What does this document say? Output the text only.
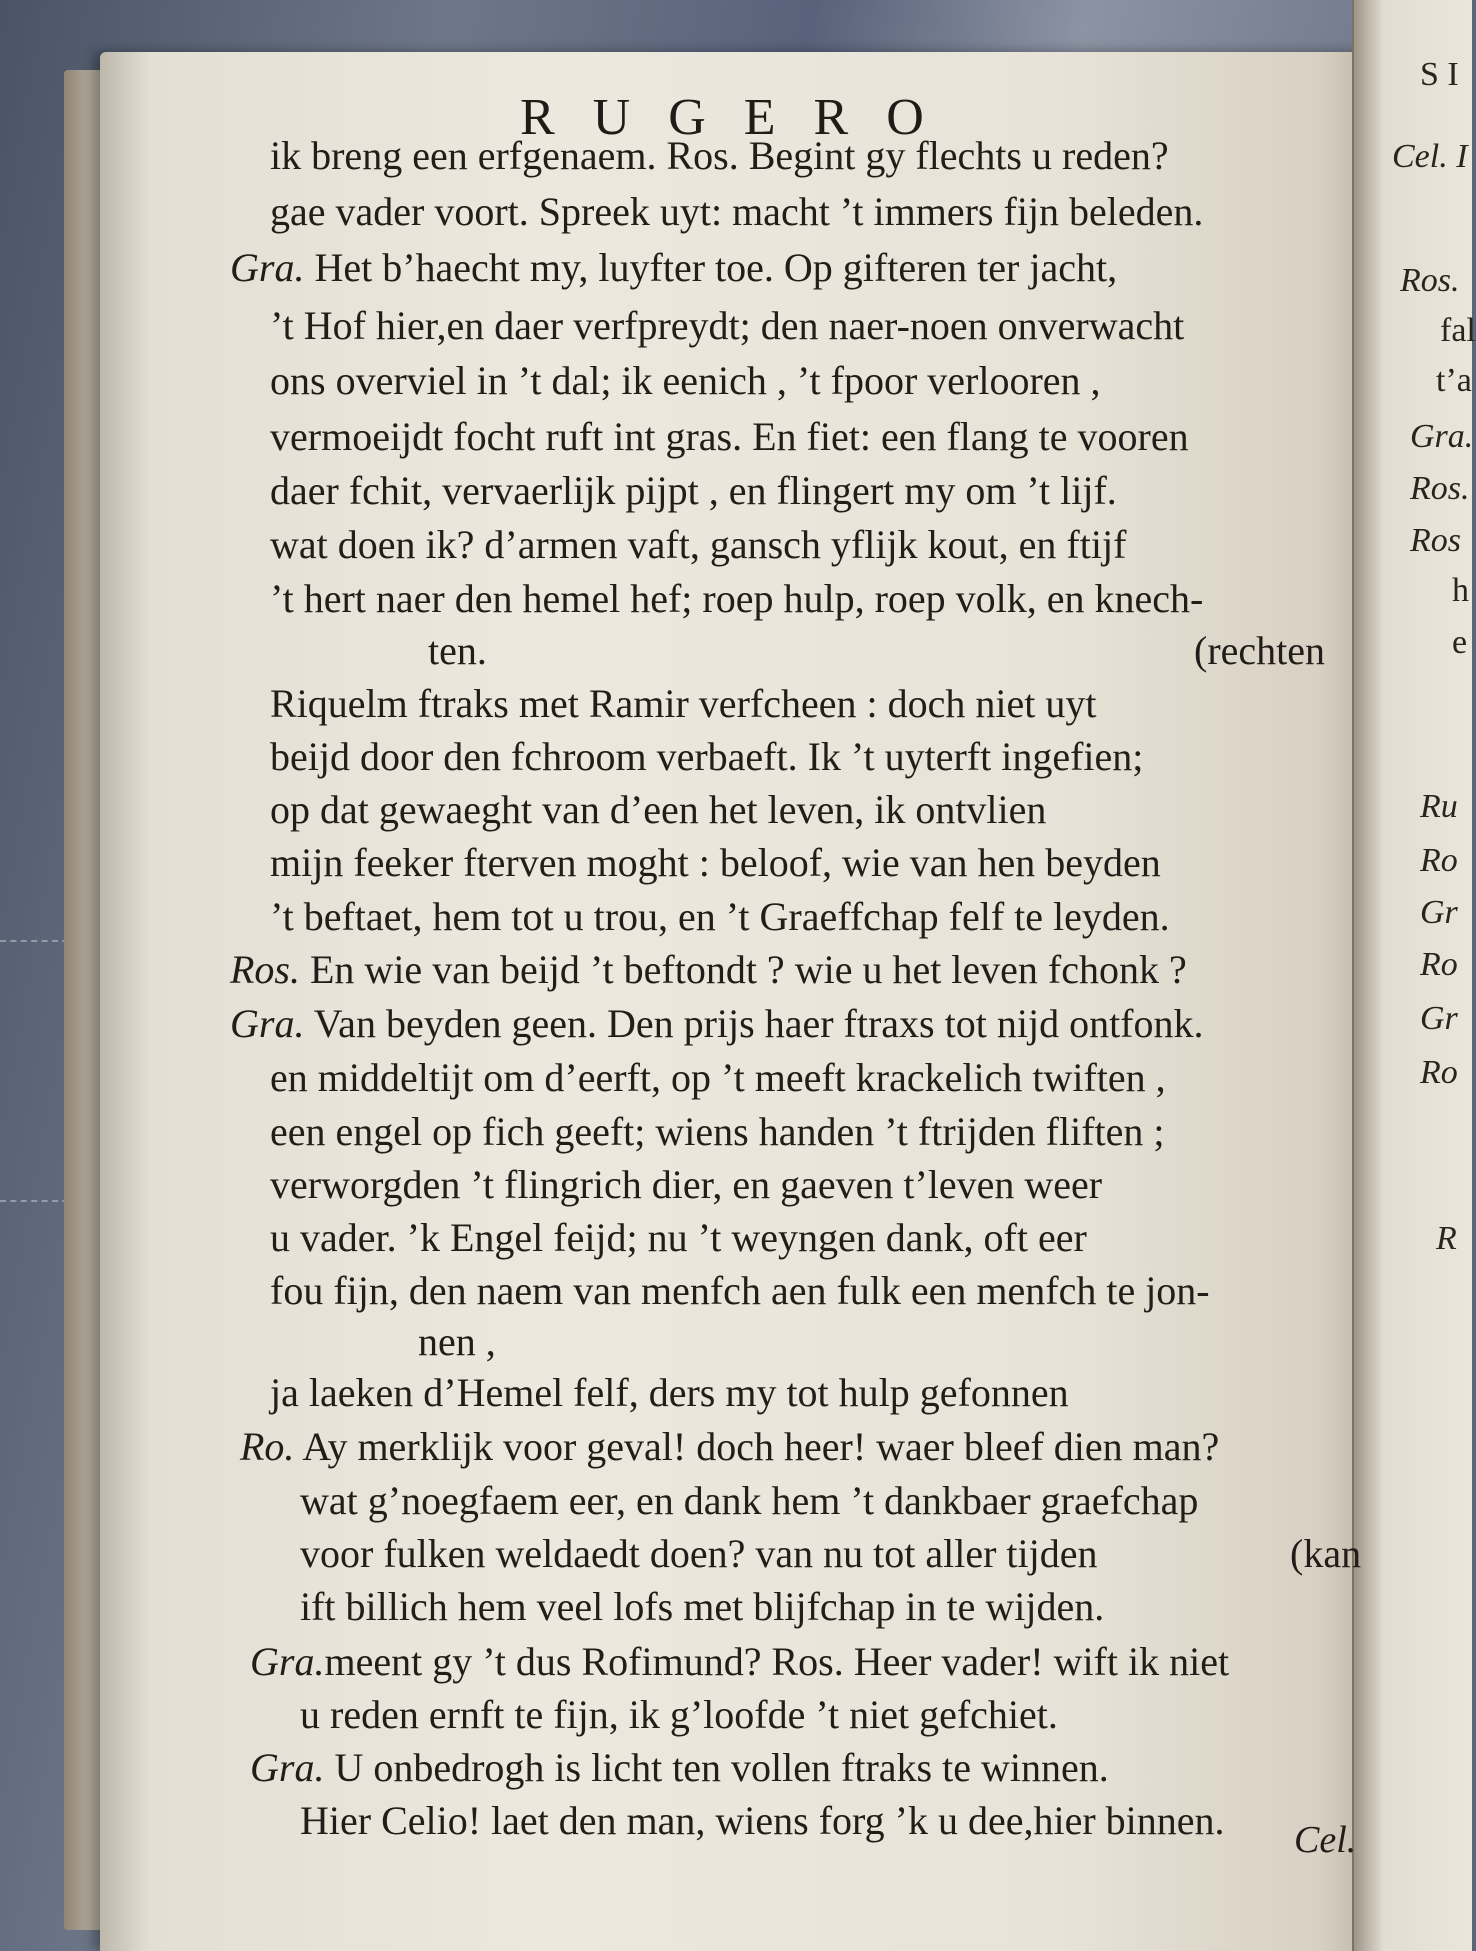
RUGERO
ik breng een erfgenaem. Ros. Begint gy flechts u reden?
gae vader voort. Spreek uyt: macht ’t immers fijn beleden.
Gra. Het b’haecht my, luyfter toe. Op gifteren ter jacht,
’t Hof hier,en daer verfpreydt; den naer-noen onverwacht
ons overviel in ’t dal; ik eenich , ’t fpoor verlooren ,
vermoeijdt focht ruft int gras. En fiet: een flang te vooren
daer fchit, vervaerlijk pijpt , en flingert my om ’t lijf.
wat doen ik? d’armen vaft, gansch yflijk kout, en ftijf
’t hert naer den hemel hef; roep hulp, roep volk, en knech-
ten.	(rechten
Riquelm ftraks met Ramir verfcheen : doch niet uyt
beijd door den fchroom verbaeft. Ik ’t uyterft ingefien;
op dat gewaeght van d’een het leven, ik ontvlien
mijn feeker fterven moght : beloof, wie van hen beyden
’t beftaet, hem tot u trou, en ’t Graeffchap felf te leyden.
Ros. En wie van beijd ’t beftondt ? wie u het leven fchonk ?
Gra. Van beyden geen. Den prijs haer ftraxs tot nijd ontfonk.
en middeltijt om d’eerft, op ’t meeft krackelich twiften ,
een engel op fich geeft; wiens handen ’t ftrijden fliften ;
verworgden ’t flingrich dier, en gaeven t’leven weer
u vader. ’k Engel feijd; nu ’t weyngen dank, oft eer
fou fijn, den naem van menfch aen fulk een menfch te jon-
nen ,
ja laeken d’Hemel felf, ders my tot hulp gefonnen
Ro. Ay merklijk voor geval! doch heer! waer bleef dien man?
wat g’noegfaem eer, en dank hem ’t dankbaer graefchap
voor fulken weldaedt doen? van nu tot aller tijden	(kan
ift billich hem veel lofs met blijfchap in te wijden.
Gra.meent gy ’t dus Rofimund? Ros. Heer vader! wift ik niet
u reden ernft te fijn, ik g’loofde ’t niet gefchiet.
Gra. U onbedrogh is licht ten vollen ftraks te winnen.
Hier Celio! laet den man, wiens forg ’k u dee,hier binnen.
S I
Cel. I
Ros.
fal
t’a
Gra.
Ros.
Ros
h
e
Ru
Ro
Gr
Ro
Gr
Ro
R
Cel.
